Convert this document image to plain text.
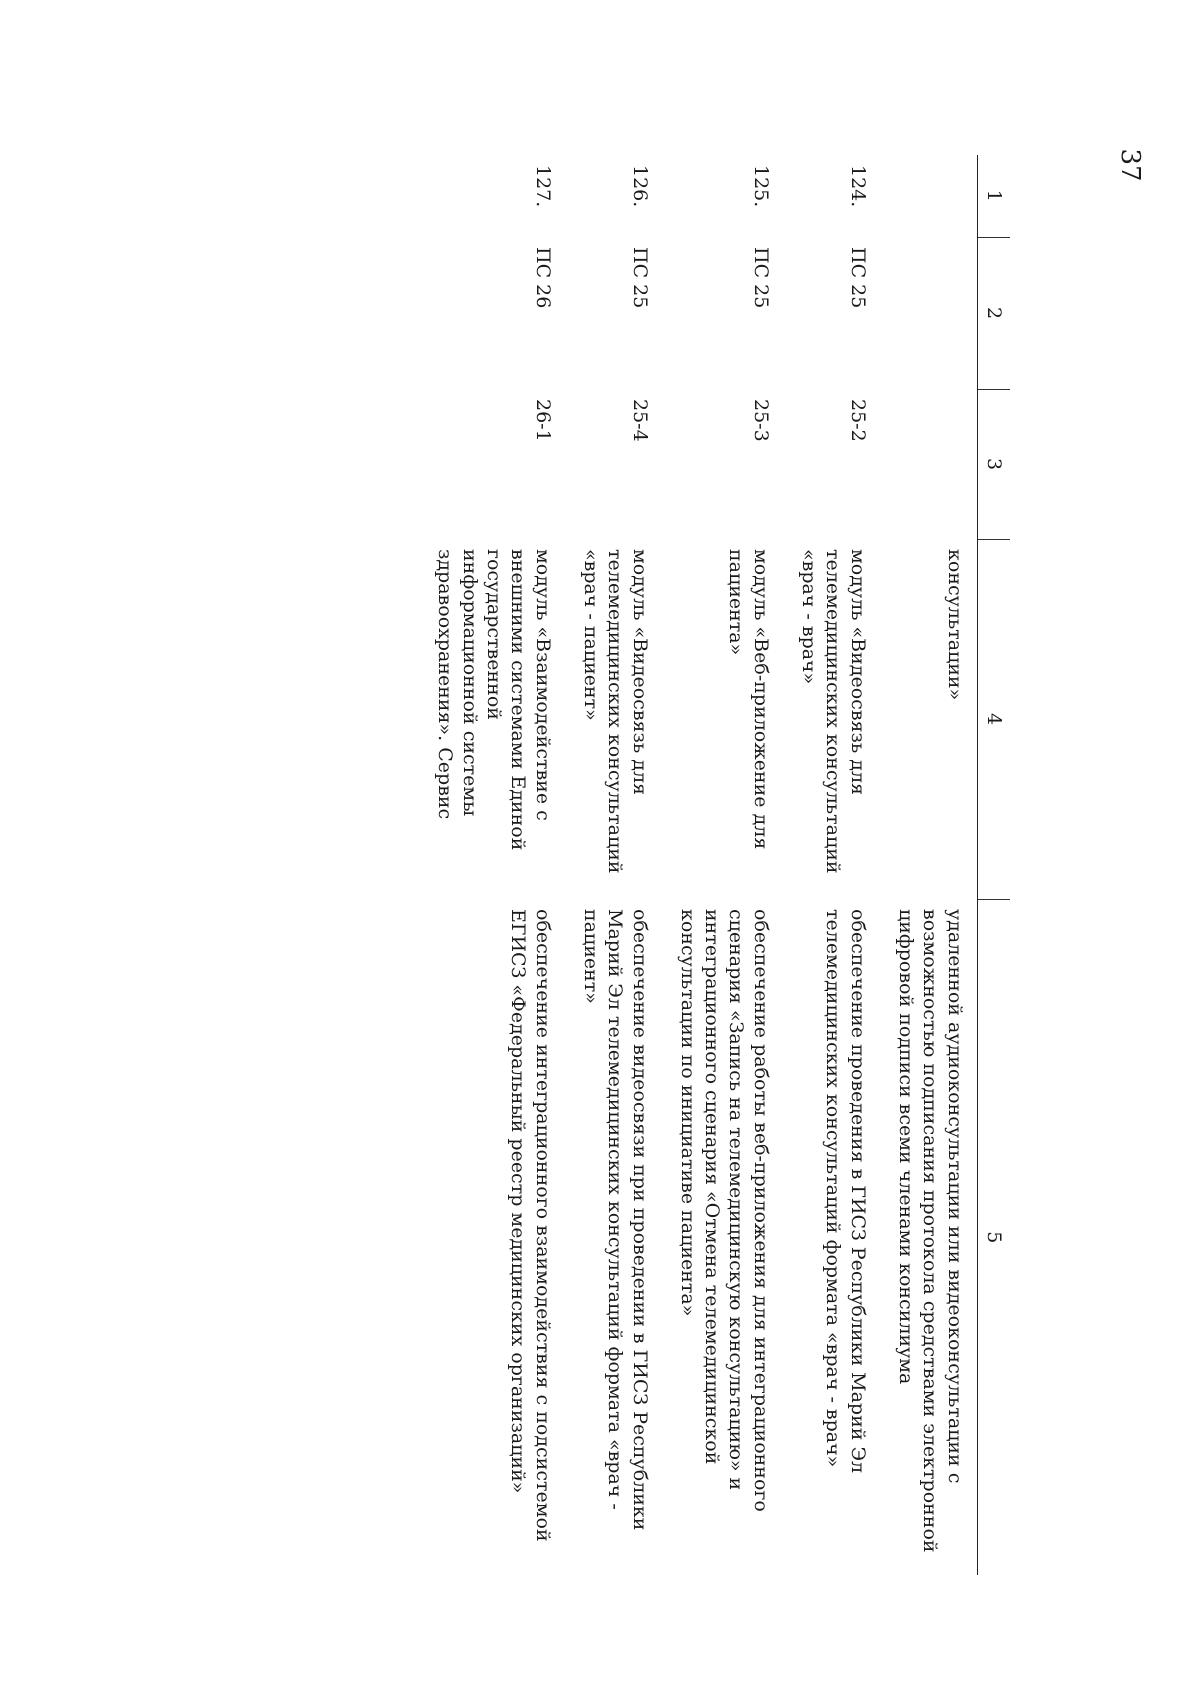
37
1	2	3	4	5
			консультации»	удаленной аудиоконсультации или видеоконсультации с возможностью подписания протокола средствами электронной цифровой подписи всеми членами консилиума
124.	ПС 25	25-2	модуль «Видеосвязь для телемедицинских консультаций «врач - врач»	обеспечение проведения в ГИСЗ Республики Марий Эл телемедицинских консультаций формата «врач - врач»
125.	ПС 25	25-3	модуль «Веб-приложение для пациента»	обеспечение работы веб-приложения для интеграционного сценария «Запись на телемедицинскую консультацию» и интеграционного сценария «Отмена телемедицинской консультации по инициативе пациента»
126.	ПС 25	25-4	модуль «Видеосвязь для телемедицинских консультаций «врач - пациент»	обеспечение видеосвязи при проведении в ГИСЗ Республики Марий Эл телемедицинских консультаций формата «врач - пациент»
127.	ПС 26	26-1	модуль «Взаимодействие с внешними системами Единой государственной информационной системы здравоохранения». Сервис	обеспечение интеграционного взаимодействия с подсистемой ЕГИСЗ «Федеральный реестр медицинских организаций»
